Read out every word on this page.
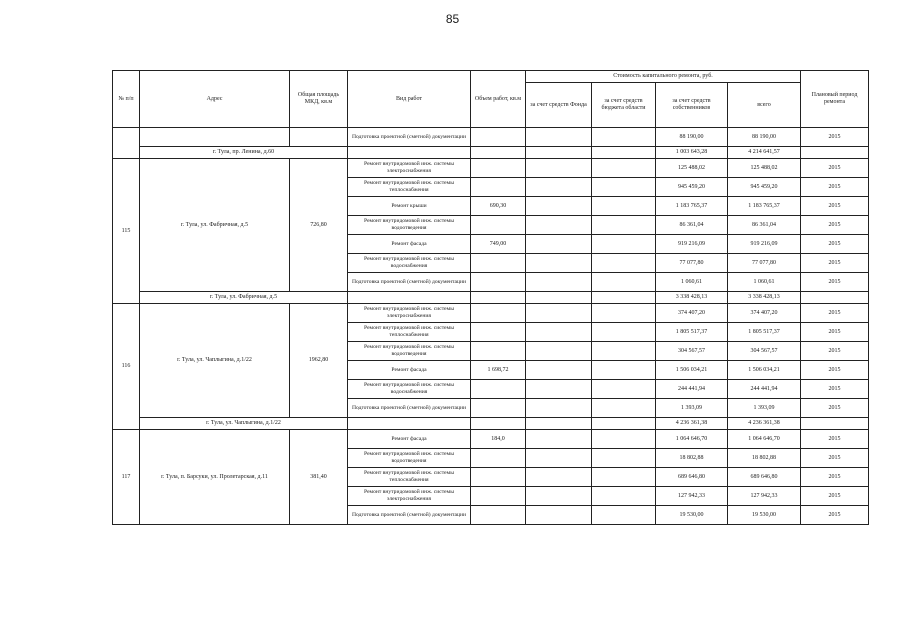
85
№ п/п	Адрес	Общая площадь МКД, кв.м	Вид работ	Объем работ, кв.м	Стоимость капитального ремонта, руб.				Плановый период ремонта
					за счет средств Фонда	за счет средств бюджета области	за счет средств собственников	всего	
			Подготовка проектной (сметной) документации				88 190,00	88 190,00	2015
	г. Тула, пр. Ленина, д.60						1 003 643,28	4 214 641,57	
115	г. Тула, ул. Фабричная, д.5	726,80	Ремонт внутридомовой инж. системы электроснабжения				125 488,02	125 488,02	2015
			Ремонт внутридомовой инж. системы теплоснабжения				945 459,20	945 459,20	2015
			Ремонт крыши	690,30			1 183 765,37	1 183 765,37	2015
			Ремонт внутридомовой инж. системы водоотведения				86 361,04	86 361,04	2015
			Ремонт фасада	749,00			919 216,09	919 216,09	2015
			Ремонт внутридомовой инж. системы водоснабжения				77 077,80	77 077,80	2015
			Подготовка проектной (сметной) документации				1 060,61	1 060,61	2015
	г. Тула, ул. Фабричная, д.5						3 338 428,13	3 338 428,13	
116	г. Тула, ул. Чаплыгина, д.1/22	1962,80	Ремонт внутридомовой инж. системы электроснабжения				374 407,20	374 407,20	2015
			Ремонт внутридомовой инж. системы теплоснабжения				1 805 517,37	1 805 517,37	2015
			Ремонт внутридомовой инж. системы водоотведения				304 567,57	304 567,57	2015
			Ремонт фасада	1 698,72			1 506 034,21	1 506 034,21	2015
			Ремонт внутридомовой инж. системы водоснабжения				244 441,94	244 441,94	2015
			Подготовка проектной (сметной) документации				1 393,09	1 393,09	2015
	г. Тула, ул. Чаплыгина, д.1/22						4 236 361,38	4 236 361,38	
117	г. Тула, п. Барсуки, ул. Пролетарская, д.11	381,40	Ремонт фасада	184,0			1 064 646,70	1 064 646,70	2015
			Ремонт внутридомовой инж. системы водоотведения				18 802,88	18 802,88	2015
			Ремонт внутридомовой инж. системы теплоснабжения				689 646,80	689 646,80	2015
			Ремонт внутридомовой инж. системы электроснабжения				127 942,33	127 942,33	2015
			Подготовка проектной (сметной) документации				19 530,00	19 530,00	2015
